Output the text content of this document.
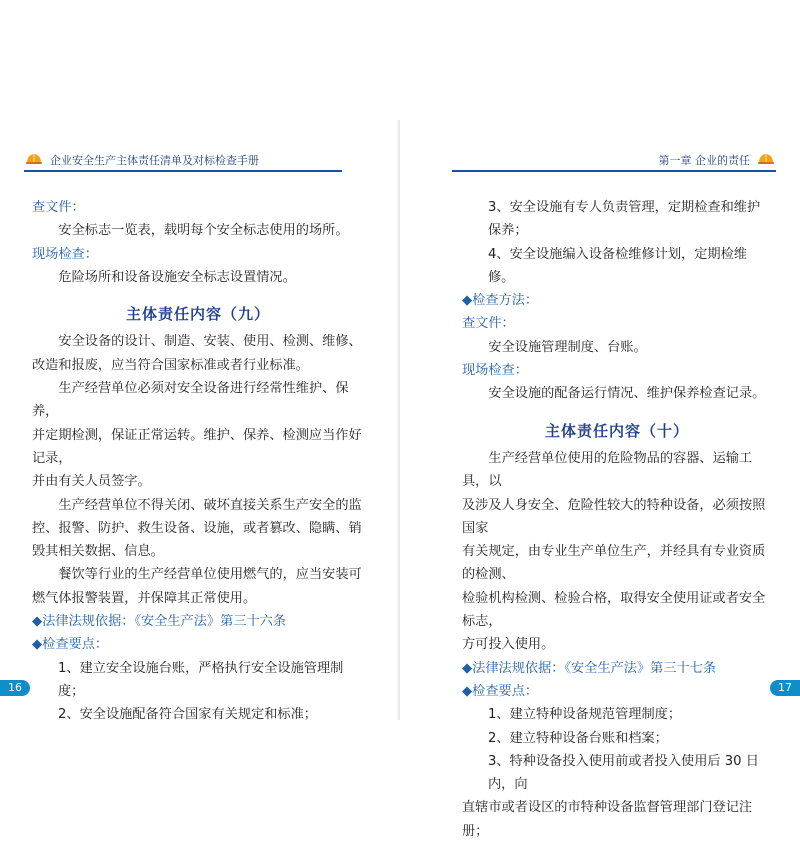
企业安全生产主体责任清单及对标检查手册

查文件：

安全标志一览表，载明每个安全标志使用的场所。

现场检查：

危险场所和设备设施安全标志设置情况。

主体责任内容（九）

安全设备的设计、制造、安装、使用、检测、维修、

改造和报废，应当符合国家标准或者行业标准。

生产经营单位必须对安全设备进行经常性维护、保养，

并定期检测，保证正常运转。维护、保养、检测应当作好记录，

并由有关人员签字。

生产经营单位不得关闭、破坏直接关系生产安全的监

控、报警、防护、救生设备、设施，或者篡改、隐瞒、销

毁其相关数据、信息。

餐饮等行业的生产经营单位使用燃气的，应当安装可

燃气体报警装置，并保障其正常使用。

◆法律法规依据：《安全生产法》第三十六条

◆检查要点：

1、建立安全设施台账，严格执行安全设施管理制度；

2、安全设施配备符合国家有关规定和标准；

16
第一章 企业的责任

3、安全设施有专人负责管理，定期检查和维护保养；

4、安全设施编入设备检维修计划，定期检维修。

◆检查方法：

查文件：

安全设施管理制度、台账。

现场检查：

安全设施的配备运行情况、维护保养检查记录。

主体责任内容（十）

生产经营单位使用的危险物品的容器、运输工具，以

及涉及人身安全、危险性较大的特种设备，必须按照国家

有关规定，由专业生产单位生产，并经具有专业资质的检测、

检验机构检测、检验合格，取得安全使用证或者安全标志，

方可投入使用。

◆法律法规依据：《安全生产法》第三十七条

◆检查要点：

1、建立特种设备规范管理制度；

2、建立特种设备台账和档案；

3、特种设备投入使用前或者投入使用后 30 日内，向

直辖市或者设区的市特种设备监督管理部门登记注册；

17
